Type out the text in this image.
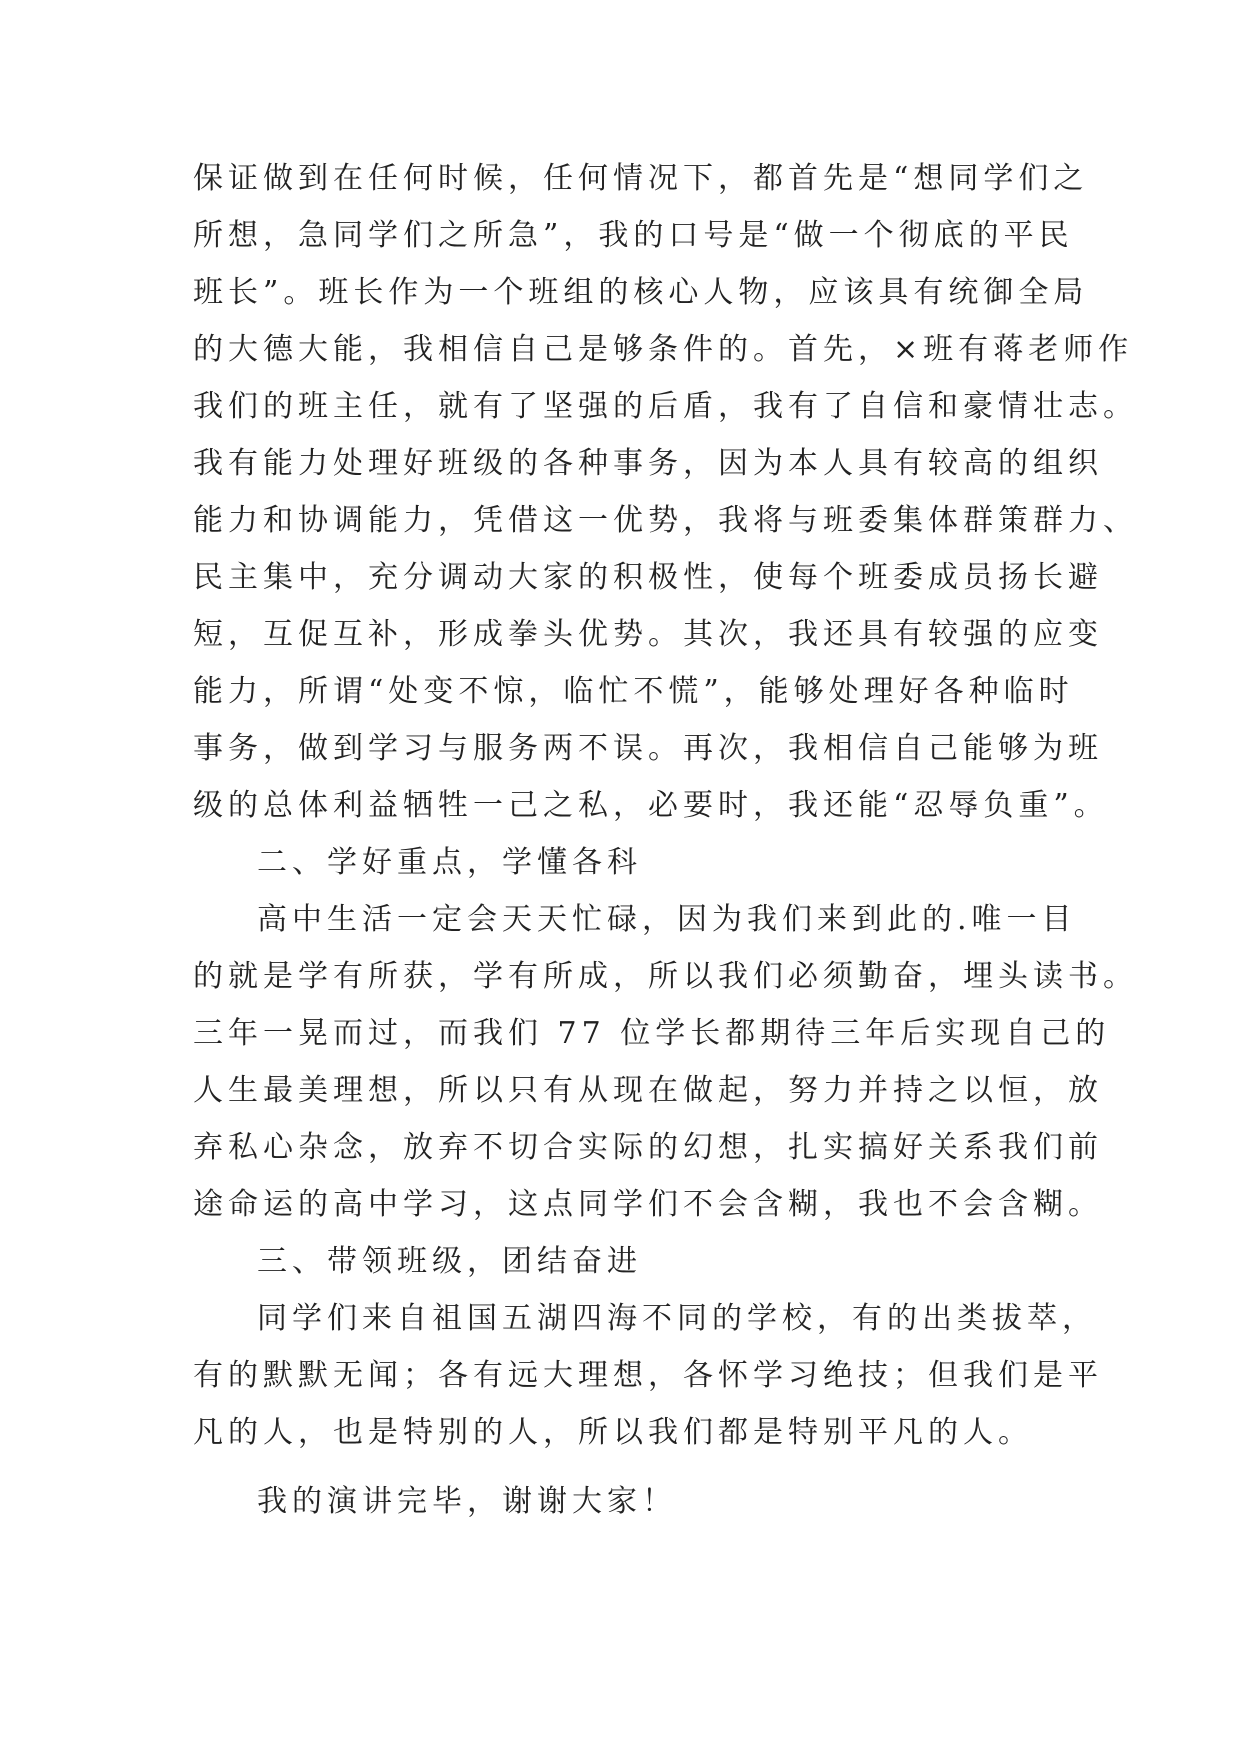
保证做到在任何时候，任何情况下，都首先是“想同学们之
所想，急同学们之所急”，我的口号是“做一个彻底的平民
班长”。班长作为一个班组的核心人物，应该具有统御全局
的大德大能，我相信自己是够条件的。首先，×班有蒋老师作
我们的班主任，就有了坚强的后盾，我有了自信和豪情壮志。
我有能力处理好班级的各种事务，因为本人具有较高的组织
能力和协调能力，凭借这一优势，我将与班委集体群策群力、
民主集中，充分调动大家的积极性，使每个班委成员扬长避
短，互促互补，形成拳头优势。其次，我还具有较强的应变
能力，所谓“处变不惊，临忙不慌”，能够处理好各种临时
事务，做到学习与服务两不误。再次，我相信自己能够为班
级的总体利益牺牲一己之私，必要时，我还能“忍辱负重”。
二、学好重点，学懂各科
高中生活一定会天天忙碌，因为我们来到此的.唯一目
的就是学有所获，学有所成，所以我们必须勤奋，埋头读书。
三年一晃而过，而我们 77 位学长都期待三年后实现自己的
人生最美理想，所以只有从现在做起，努力并持之以恒，放
弃私心杂念，放弃不切合实际的幻想，扎实搞好关系我们前
途命运的高中学习，这点同学们不会含糊，我也不会含糊。
三、带领班级，团结奋进
同学们来自祖国五湖四海不同的学校，有的出类拔萃，
有的默默无闻；各有远大理想，各怀学习绝技；但我们是平
凡的人，也是特别的人，所以我们都是特别平凡的人。
我的演讲完毕，谢谢大家！
